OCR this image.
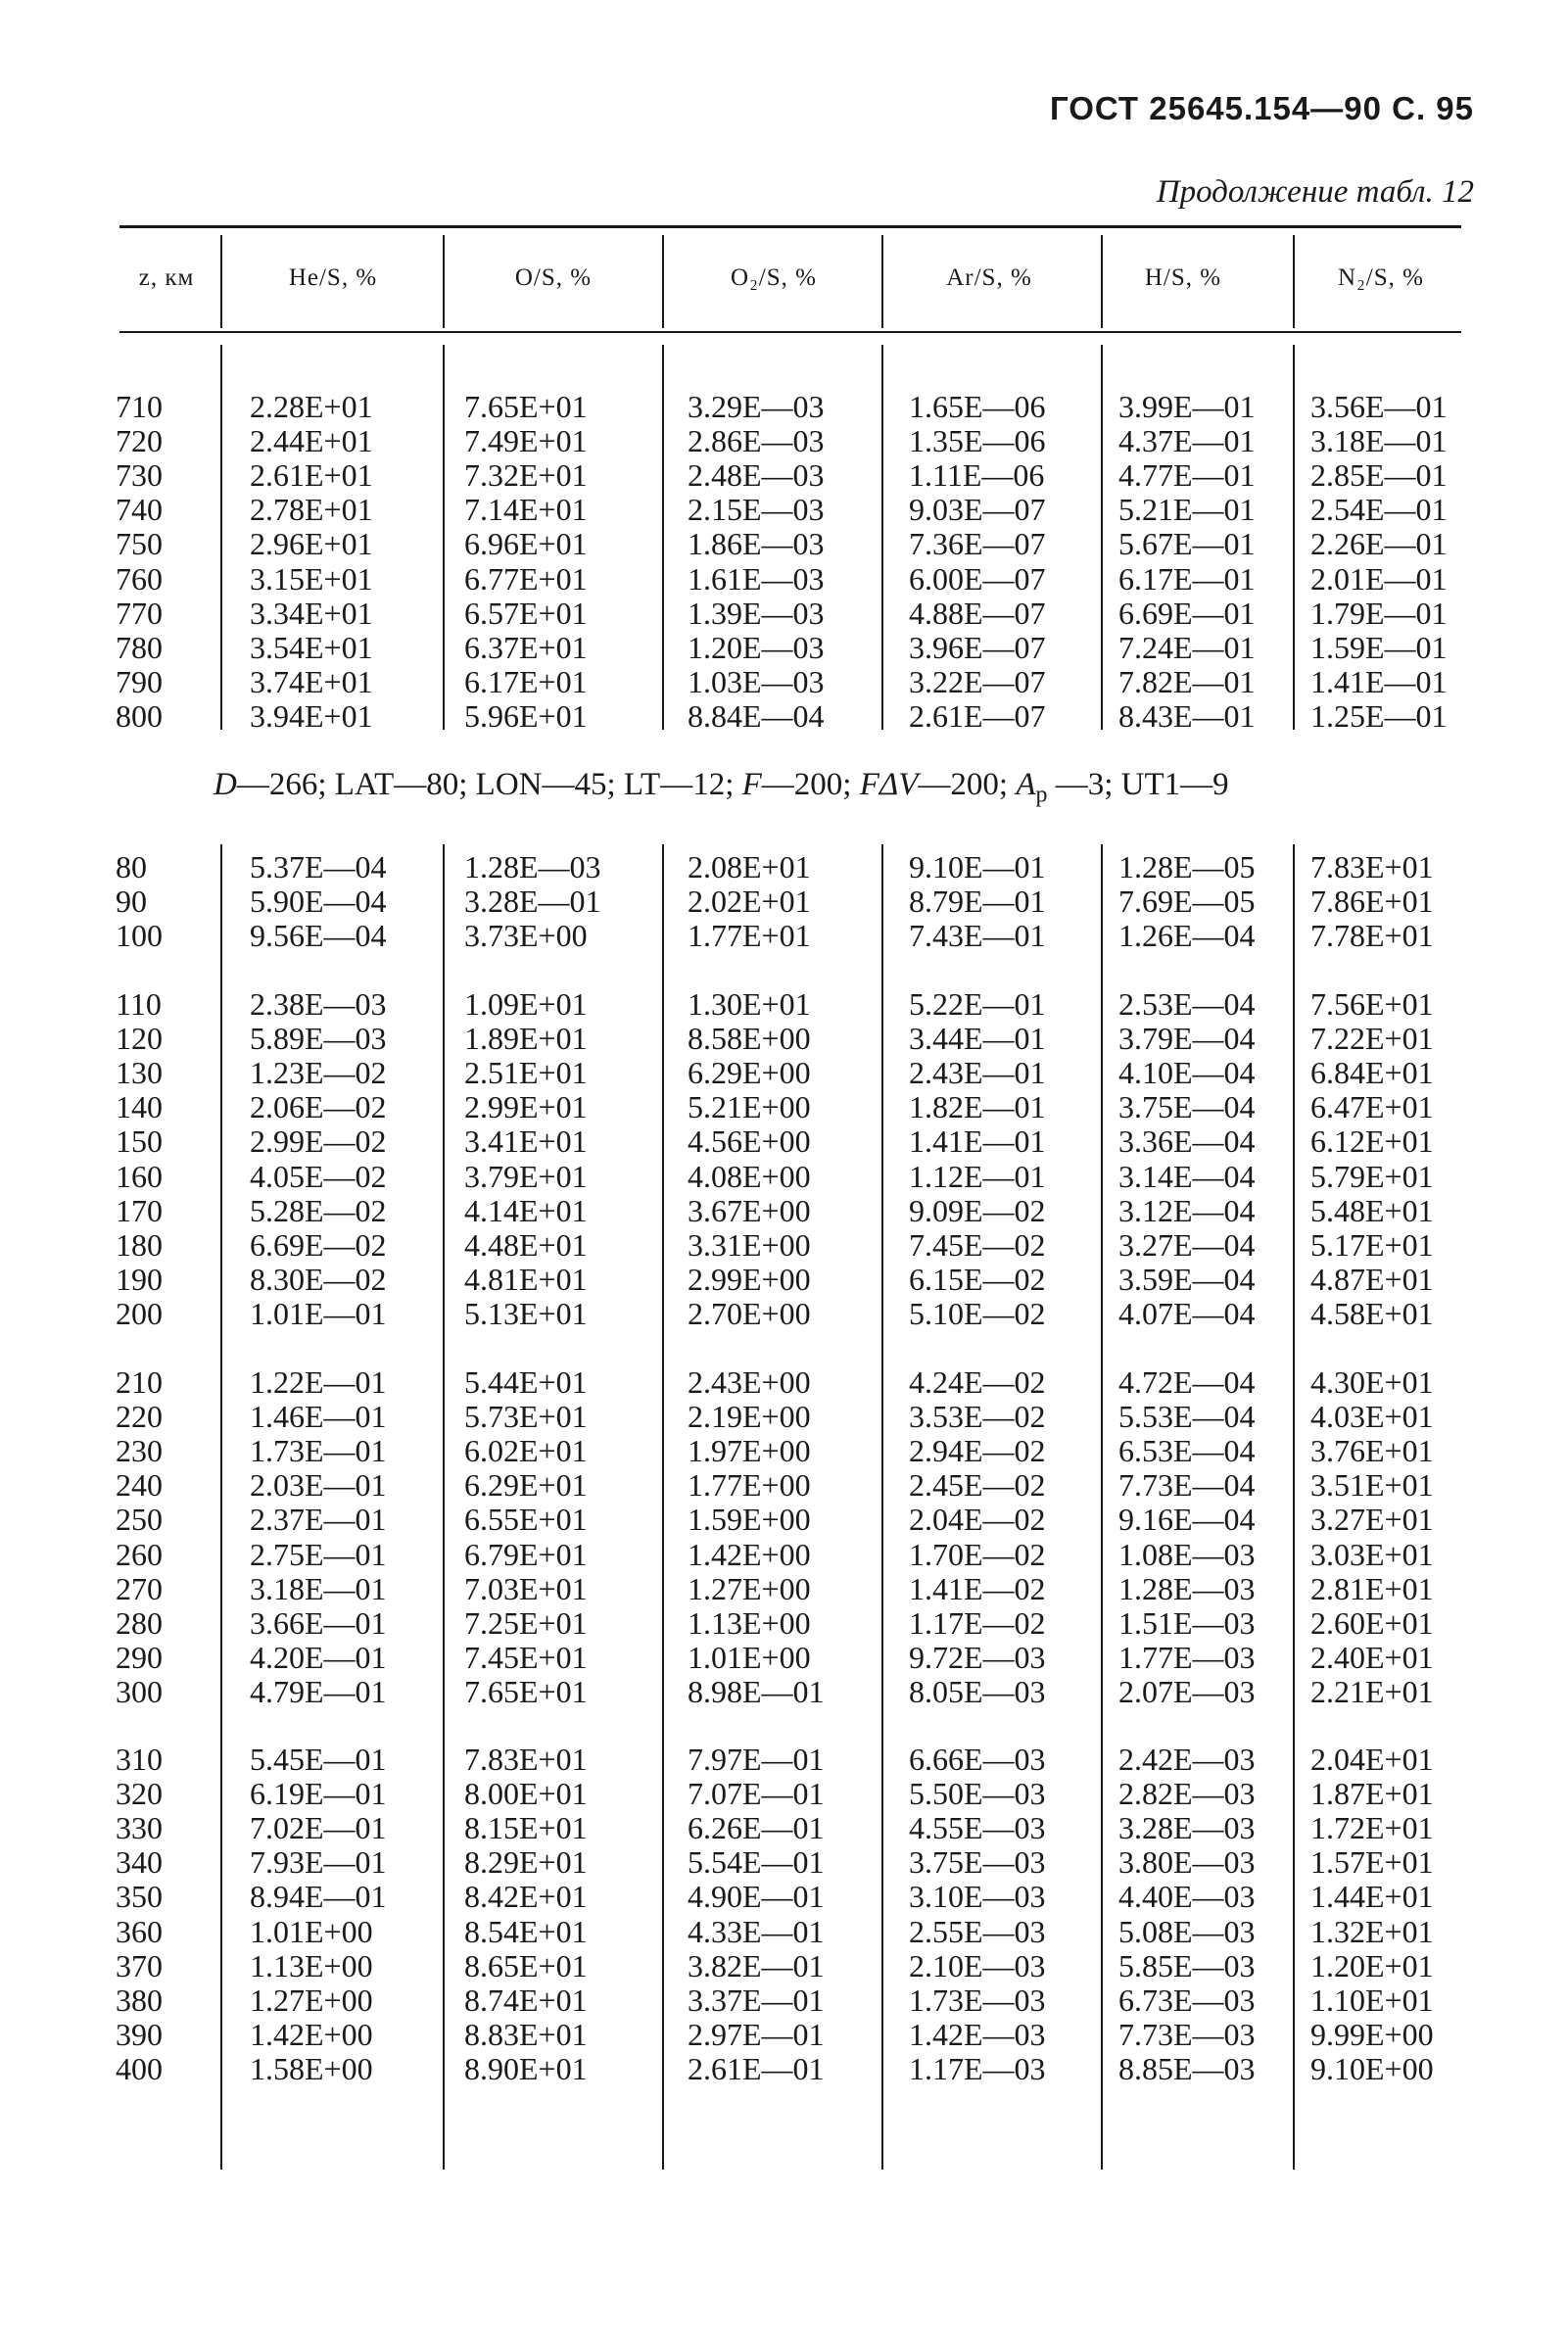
ГОСТ 25645.154—90 С. 95
Продолжение табл. 12
z, км	He/S, %	O/S, %	O₂/S, %	Ar/S, %	H/S, %	N₂/S, %
710	2.28E+01	7.65E+01	3.29E—03	1.65E—06 3.99E—01 3.56E—01
720	2.44E+01	7.49E+01	2.86E—03	1.35E—06 4.37E—01 3.18E—01
730	2.61E+01	7.32E+01	2.48E—03	1.11E—06 4.77E—01 2.85E—01
740	2.78E+01	7.14E+01	2.15E—03	9.03E—07 5.21E—01 2.54E—01
750	2.96E+01	6.96E+01	1.86E—03	7.36E—07 5.67E—01 2.26E—01
760	3.15E+01	6.77E+01	1.61E—03	6.00E—07 6.17E—01 2.01E—01
770	3.34E+01	6.57E+01	1.39E—03	4.88E—07 6.69E—01 1.79E—01
780	3.54E+01	6.37E+01	1.20E—03	3.96E—07 7.24E—01 1.59E—01
790	3.74E+01	6.17E+01	1.03E—03	3.22E—07 7.82E—01 1.41E—01
800	3.94E+01	5.96E+01	8.84E—04	2.61E—07 8.43E—01 1.25E—01
D—266; LAT—80; LON—45; LT—12; F—200; FΔV—200; $A_p$ —3; UT1—9
80	5.37E—04 1.28E—03	2.08E+01	9.10E—01 1.28E—05 7.83E+01
90	5.90E—04 3.28E—01	2.02E+01	8.79E—01 7.69E—05 7.86E+01
100	9.56E—04 3.73E+00	1.77E+01	7.43E—01 1.26E—04 7.78E+01
110	2.38E—03 1.09E+01	1.30E+01	5.22E—01 2.53E—04 7.56E+01
120	5.89E—03 1.89E+01	8.58E+00	3.44E—01 3.79E—04 7.22E+01
130	1.23E—02 2.51E+01	6.29E+00	2.43E—01 4.10E—04 6.84E+01
140	2.06E—02 2.99E+01	5.21E+00	1.82E—01 3.75E—04 6.47E+01
150	2.99E—02 3.41E+01	4.56E+00	1.41E—01 3.36E—04 6.12E+01
160	4.05E—02 3.79E+01	4.08E+00	1.12E—01 3.14E—04 5.79E+01
170	5.28E—02 4.14E+01	3.67E+00	9.09E—02 3.12E—04 5.48E+01
180	6.69E—02 4.48E+01	3.31E+00	7.45E—02 3.27E—04 5.17E+01
190	8.30E—02 4.81E+01	2.99E+00	6.15E—02 3.59E—04 4.87E+01
200	1.01E—01 5.13E+01	2.70E+00	5.10E—02 4.07E—04 4.58E+01
210	1.22E—01 5.44E+01	2.43E+00	4.24E—02 4.72E—04 4.30E+01
220	1.46E—01 5.73E+01	2.19E+00	3.53E—02 5.53E—04 4.03E+01
230	1.73E—01 6.02E+01	1.97E+00	2.94E—02 6.53E—04 3.76E+01
240	2.03E—01 6.29E+01	1.77E+00	2.45E—02 7.73E—04 3.51E+01
250	2.37E—01 6.55E+01	1.59E+00	2.04E—02 9.16E—04 3.27E+01
260	2.75E—01 6.79E+01	1.42E+00	1.70E—02 1.08E—03 3.03E+01
270	3.18E—01 7.03E+01	1.27E+00	1.41E—02 1.28E—03 2.81E+01
280	3.66E—01 7.25E+01	1.13E+00	1.17E—02 1.51E—03 2.60E+01
290	4.20E—01 7.45E+01	1.01E+00	9.72E—03 1.77E—03 2.40E+01
300	4.79E—01 7.65E+01	8.98E—01	8.05E—03 2.07E—03 2.21E+01
310	5.45E—01 7.83E+01	7.97E—01	6.66E—03 2.42E—03 2.04E+01
320	6.19E—01 8.00E+01	7.07E—01	5.50E—03 2.82E—03 1.87E+01
330	7.02E—01 8.15E+01	6.26E—01	4.55E—03 3.28E—03 1.72E+01
340	7.93E—01 8.29E+01	5.54E—01	3.75E—03 3.80E—03 1.57E+01
350	8.94E—01 8.42E+01	4.90E—01	3.10E—03 4.40E—03 1.44E+01
360	1.01E+00	8.54E+01	4.33E—01	2.55E—03 5.08E—03 1.32E+01
370	1.13E+00	8.65E+01	3.82E—01	2.10E—03 5.85E—03 1.20E+01
380	1.27E+00	8.74E+01	3.37E—01	1.73E—03 6.73E—03 1.10E+01
390	1.42E+00	8.83E+01	2.97E—01	1.42E—03 7.73E—03 9.99E+00
400	1.58E+00	8.90E+01	2.61E—01	1.17E—03 8.85E—03 9.10E+00
